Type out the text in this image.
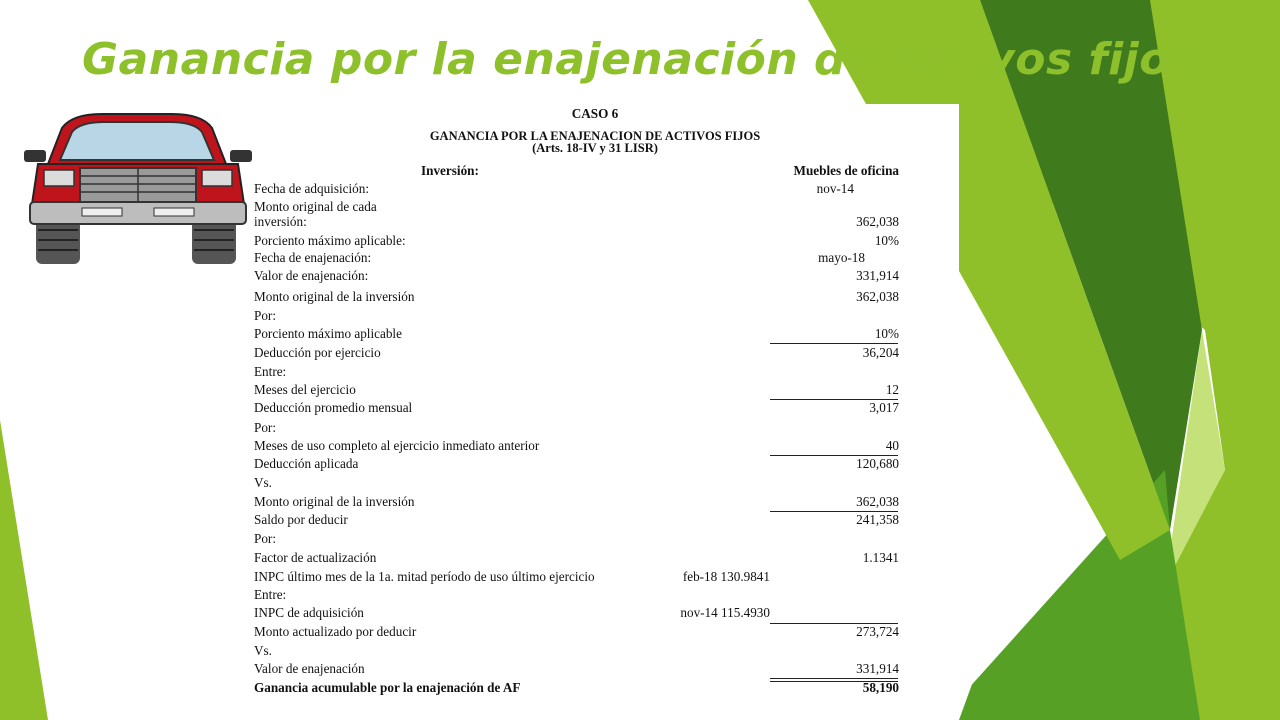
Ganancia por la enajenación de activos fijos
CASO 6
GANANCIA POR LA ENAJENACION DE ACTIVOS FIJOS
(Arts. 18-IV y 31 LISR)
Inversión:	Muebles de oficina
Fecha de adquisición:	nov-14
Monto original de cada
inversión:	362,038
Porciento máximo aplicable:	10%
Fecha de enajenación:	mayo-18
Valor de enajenación:	331,914
Monto original de la inversión	362,038
Por:
Porciento máximo aplicable	10%
Deducción por ejercicio	36,204
Entre:
Meses del ejercicio	12
Deducción promedio mensual	3,017
Por:
Meses de uso completo al ejercicio inmediato anterior	40
Deducción aplicada	120,680
Vs.
Monto original de la inversión	362,038
Saldo por deducir	241,358
Por:
Factor de actualización	1.1341
INPC último mes de la 1a. mitad período de uso último ejercicio	feb-18 130.9841
Entre:
INPC de adquisición	nov-14 115.4930
Monto actualizado por deducir	273,724
Vs.
Valor de enajenación	331,914
Ganancia acumulable por la enajenación de AF	58,190
